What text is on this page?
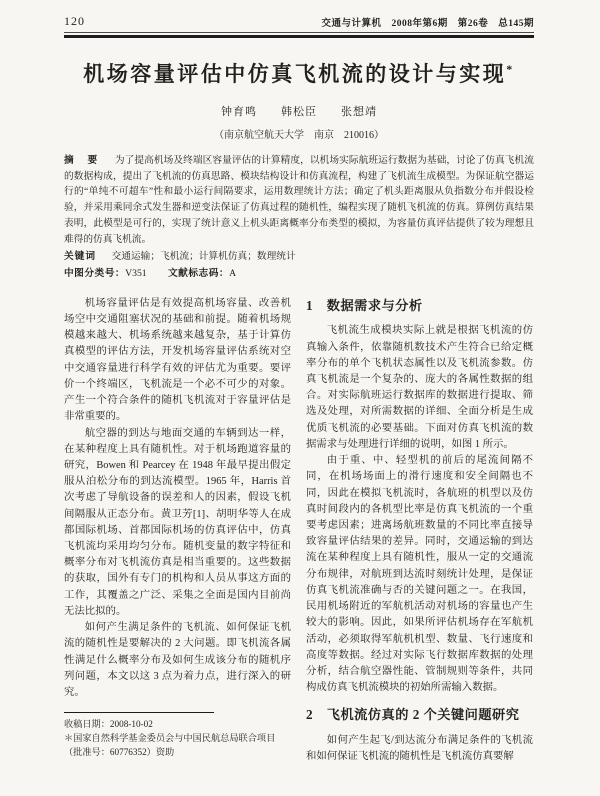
120	交通与计算机　2008年第6期　第26卷　总145期
机场容量评估中仿真飞机流的设计与实现*
钟育鸣　　韩松臣　　张想靖
（南京航空航天大学　南京　210016）
摘　要 为了提高机场及终端区容量评估的计算精度，以机场实际航班运行数据为基础，讨论了仿真飞机流的数据构成，提出了飞机流的仿真思路、模块结构设计和仿真流程，构建了飞机流生成模型。为保证航空器运行的“单纯不可超车”性和最小运行间隔要求，运用数理统计方法；确定了机头距离服从负指数分布并假设检验，并采用乘同余式发生器和逆变法保证了仿真过程的随机性，编程实现了随机飞机流的仿真。算例仿真结果表明，此模型是可行的，实现了统计意义上机头距离概率分布类型的模拟，为容量仿真评估提供了较为理想且难得的仿真飞机流。
关键词 交通运输；飞机流；计算机仿真；数理统计
中图分类号：V351 文献标志码：A

机场容量评估是有效提高机场容量、改善机场空中交通阻塞状况的基础和前提。随着机场规模越来越大、机场系统越来越复杂，基于计算仿真模型的评估方法，开发机场容量评估系统对空中交通容量进行科学有效的评估尤为重要。要评价一个终端区，飞机流是一个必不可少的对象。产生一个符合条件的随机飞机流对于容量评估是非常重要的。

航空器的到达与地面交通的车辆到达一样，在某种程度上具有随机性。对于机场跑道容量的研究，Bowen 和 Pearcey 在 1948 年最早提出假定服从泊松分布的到达流模型。1965 年，Harris 首次考虑了导航设备的误差和人的因素，假设飞机间隔服从正态分布。黄卫芳[1]、胡明华等人在成都国际机场、首都国际机场的仿真评估中，仿真飞机流均采用均匀分布。随机变量的数字特征和概率分布对飞机流仿真是相当重要的。这些数据的获取，国外有专门的机构和人员从事这方面的工作，其覆盖之广泛、采集之全面是国内目前尚无法比拟的。

如何产生满足条件的飞机流、如何保证飞机流的随机性是要解决的 2 大问题。即飞机流各属性满足什么概率分布及如何生成该分布的随机序列问题，本文以这 3 点为着力点，进行深入的研究。

收稿日期：2008-10-02
＊国家自然科学基金委员会与中国民航总局联合项目
（批准号：60776352）资助
1　数据需求与分析

飞机流生成模块实际上就是根据飞机流的仿真输入条件，依靠随机数技术产生符合已给定概率分布的单个飞机状态属性以及飞机流参数。仿真飞机流是一个复杂的、庞大的各属性数据的组合。对实际航班运行数据库的数据进行提取、筛选及处理，对所需数据的详细、全面分析是生成优质飞机流的必要基础。下面对仿真飞机流的数据需求与处理进行详细的说明，如图 1 所示。

由于重、中、轻型机的前后的尾流间隔不同，在机场场面上的滑行速度和安全间隔也不同，因此在模拟飞机流时，各航班的机型以及仿真时间段内的各机型比率是仿真飞机流的一个重要考虑因素；进离场航班数量的不同比率直接导致容量评估结果的差异。同时，交通运输的到达流在某种程度上具有随机性，服从一定的交通流分布规律，对航班到达流时刻统计处理，是保证仿真飞机流准确与否的关键问题之一。在我国，民用机场附近的军航机活动对机场的容量也产生较大的影响。因此，如果所评估机场存在军航机活动，必须取得军航机机型、数量、飞行速度和高度等数据。经过对实际飞行数据库数据的处理分析，结合航空器性能、管制规则等条件，共同构成仿真飞机流模块的初始所需输入数据。

2　飞机流仿真的 2 个关键问题研究

如何产生起飞/到达流分布满足条件的飞机流和如何保证飞机流的随机性是飞机流仿真要解
